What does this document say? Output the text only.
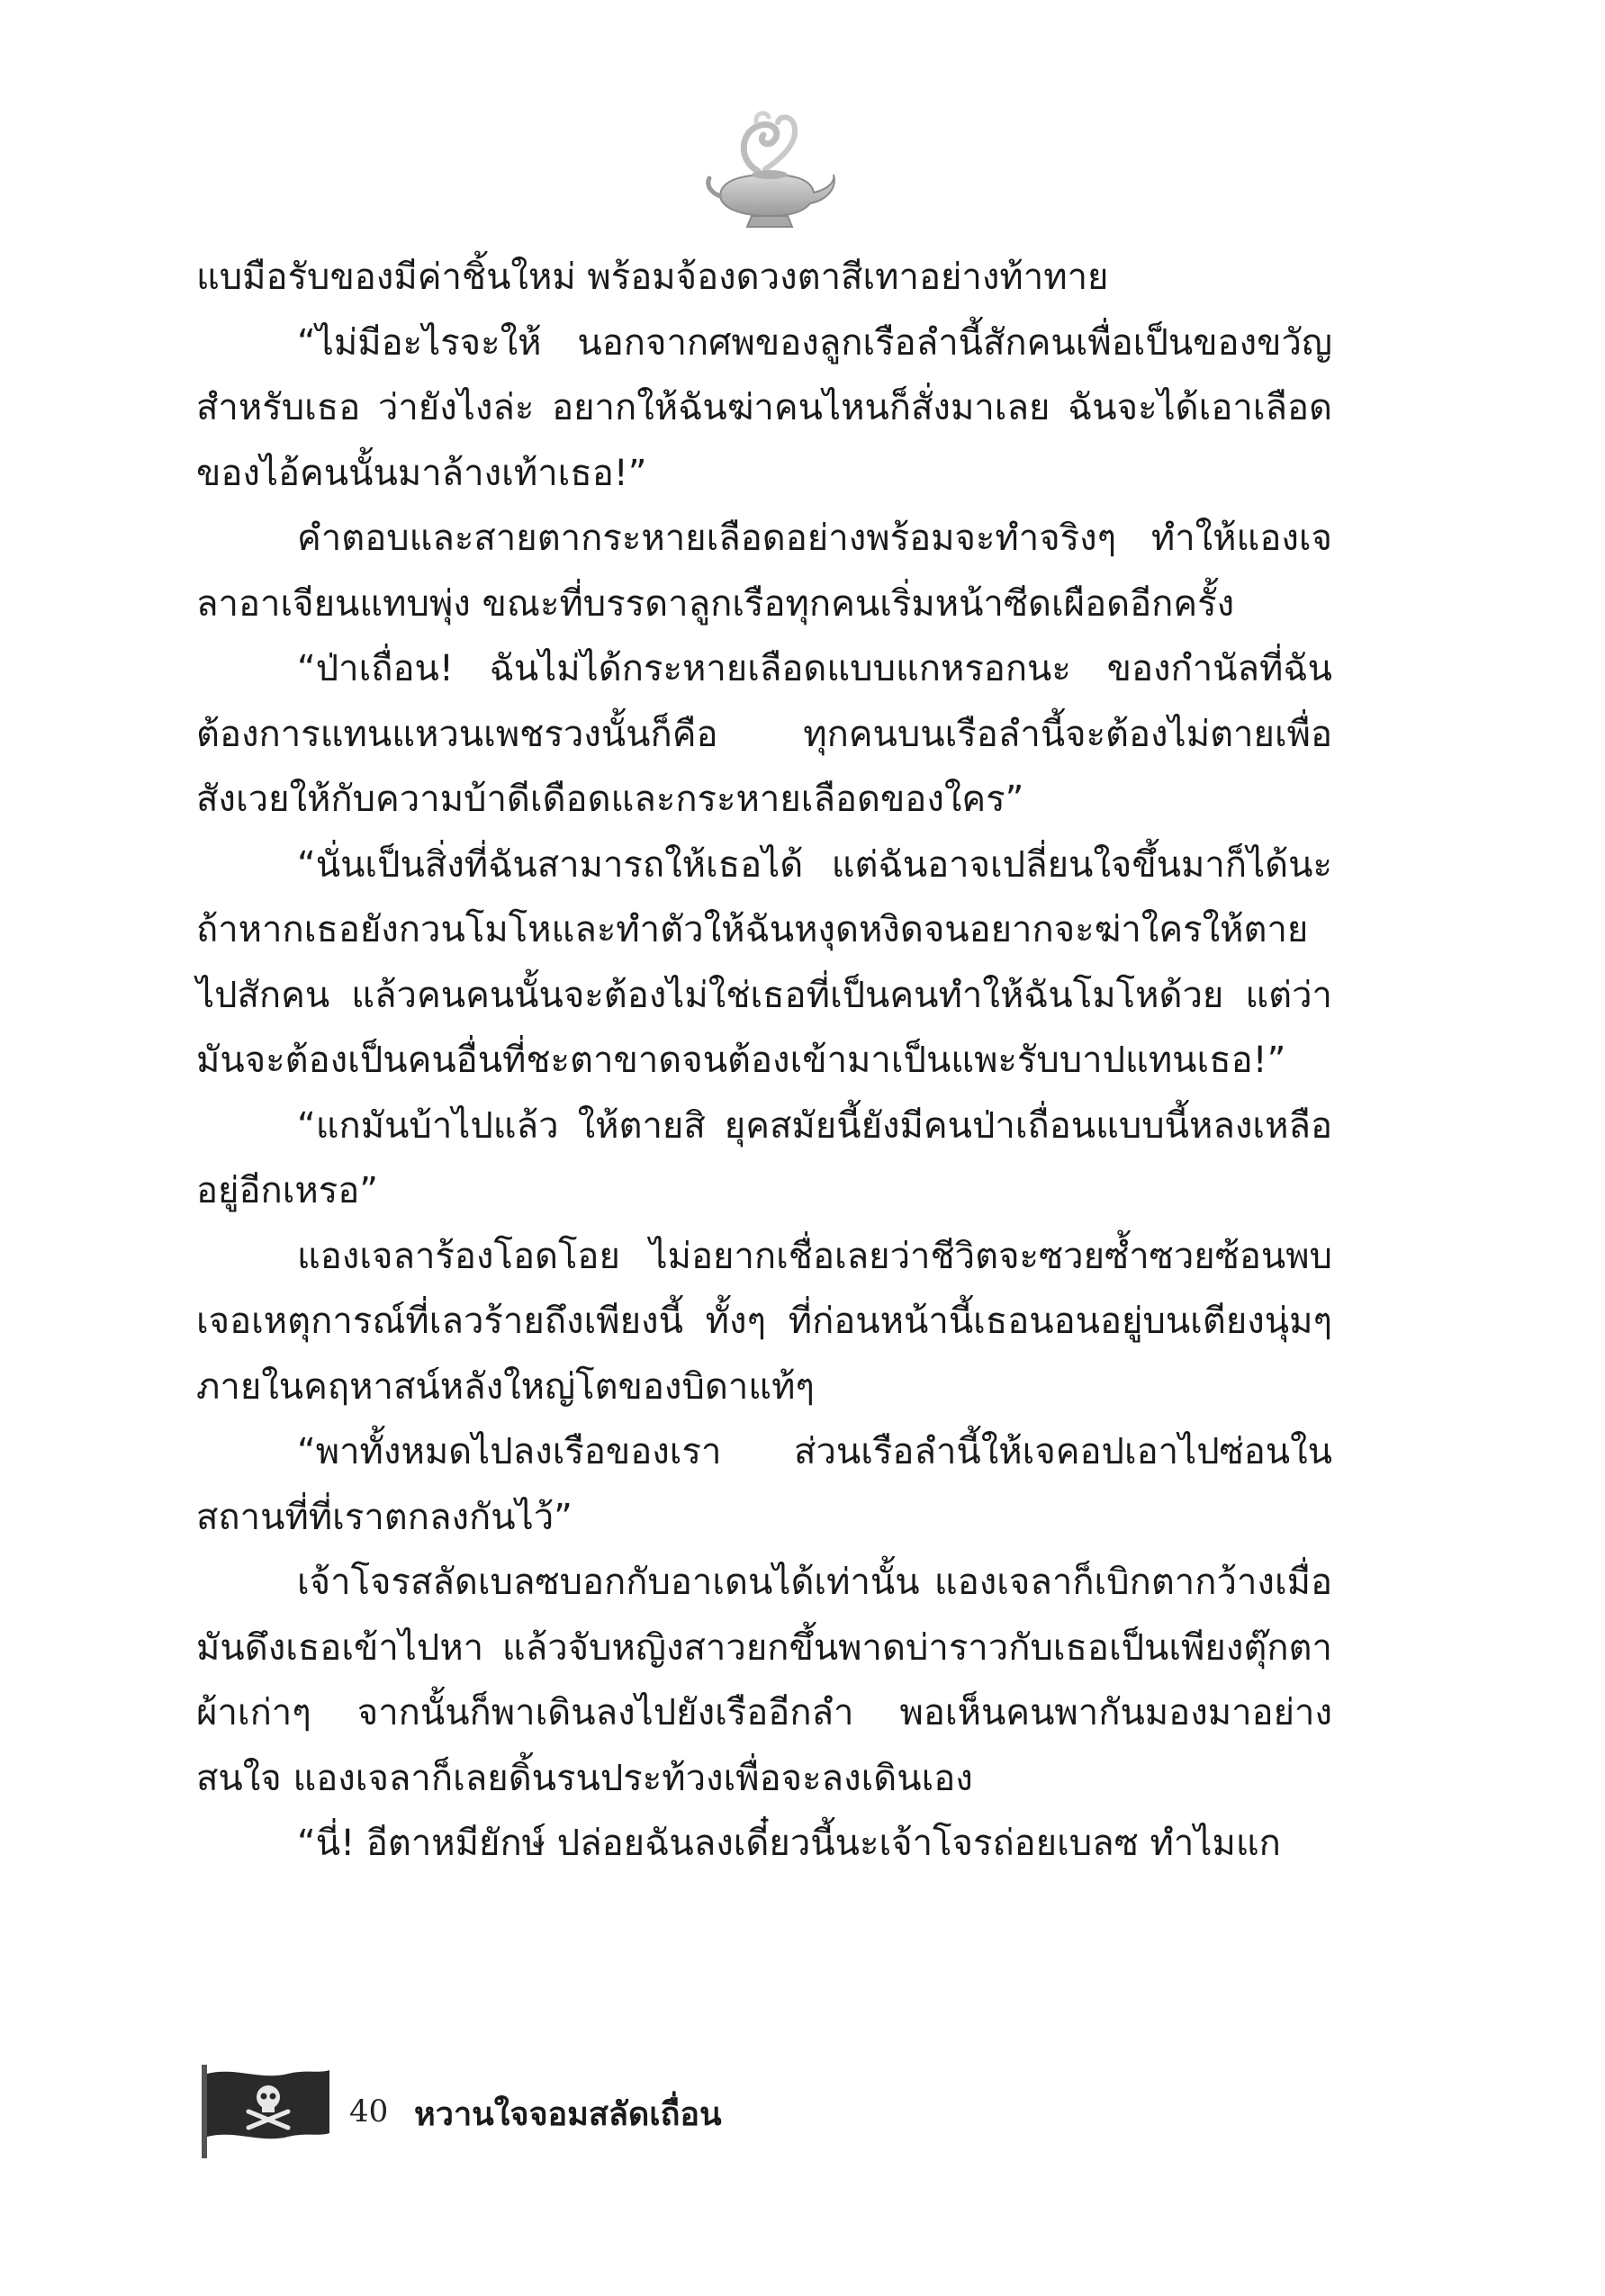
แบมือรับของมีค่าชิ้นใหม่ พร้อมจ้องดวงตาสีเทาอย่างท้าทาย

“ไม่มีอะไรจะให้ นอกจากศพของลูกเรือลำนี้สักคนเพื่อเป็นของขวัญสำหรับเธอ ว่ายังไงล่ะ อยากให้ฉันฆ่าคนไหนก็สั่งมาเลย ฉันจะได้เอาเลือดของไอ้คนนั้นมาล้างเท้าเธอ!”

คำตอบและสายตากระหายเลือดอย่างพร้อมจะทำจริงๆ ทำให้แองเจลาอาเจียนแทบพุ่ง ขณะที่บรรดาลูกเรือทุกคนเริ่มหน้าซีดเผือดอีกครั้ง

“ป่าเถื่อน! ฉันไม่ได้กระหายเลือดแบบแกหรอกนะ ของกำนัลที่ฉันต้องการแทนแหวนเพชรวงนั้นก็คือ ทุกคนบนเรือลำนี้จะต้องไม่ตายเพื่อสังเวยให้กับความบ้าดีเดือดและกระหายเลือดของใคร”

“นั่นเป็นสิ่งที่ฉันสามารถให้เธอได้ แต่ฉันอาจเปลี่ยนใจขึ้นมาก็ได้นะ ถ้าหากเธอยังกวนโมโหและทำตัวให้ฉันหงุดหงิดจนอยากจะฆ่าใครให้ตายไปสักคน แล้วคนคนนั้นจะต้องไม่ใช่เธอที่เป็นคนทำให้ฉันโมโหด้วย แต่ว่ามันจะต้องเป็นคนอื่นที่ชะตาขาดจนต้องเข้ามาเป็นแพะรับบาปแทนเธอ!”

“แกมันบ้าไปแล้ว ให้ตายสิ ยุคสมัยนี้ยังมีคนป่าเถื่อนแบบนี้หลงเหลืออยู่อีกเหรอ”

แองเจลาร้องโอดโอย ไม่อยากเชื่อเลยว่าชีวิตจะซวยซ้ำซวยซ้อนพบเจอเหตุการณ์ที่เลวร้ายถึงเพียงนี้ ทั้งๆ ที่ก่อนหน้านี้เธอนอนอยู่บนเตียงนุ่มๆ ภายในคฤหาสน์หลังใหญ่โตของบิดาแท้ๆ

“พาทั้งหมดไปลงเรือของเรา ส่วนเรือลำนี้ให้เจคอปเอาไปซ่อนในสถานที่ที่เราตกลงกันไว้”

เจ้าโจรสลัดเบลซบอกกับอาเดนได้เท่านั้น แองเจลาก็เบิกตากว้างเมื่อมันดึงเธอเข้าไปหา แล้วจับหญิงสาวยกขึ้นพาดบ่าราวกับเธอเป็นเพียงตุ๊กตาผ้าเก่าๆ จากนั้นก็พาเดินลงไปยังเรืออีกลำ พอเห็นคนพากันมองมาอย่างสนใจ แองเจลาก็เลยดิ้นรนประท้วงเพื่อจะลงเดินเอง

“นี่! อีตาหมียักษ์ ปล่อยฉันลงเดี๋ยวนี้นะเจ้าโจรถ่อยเบลซ ทำไมแก

40 หวานใจจอมสลัดเถื่อน
